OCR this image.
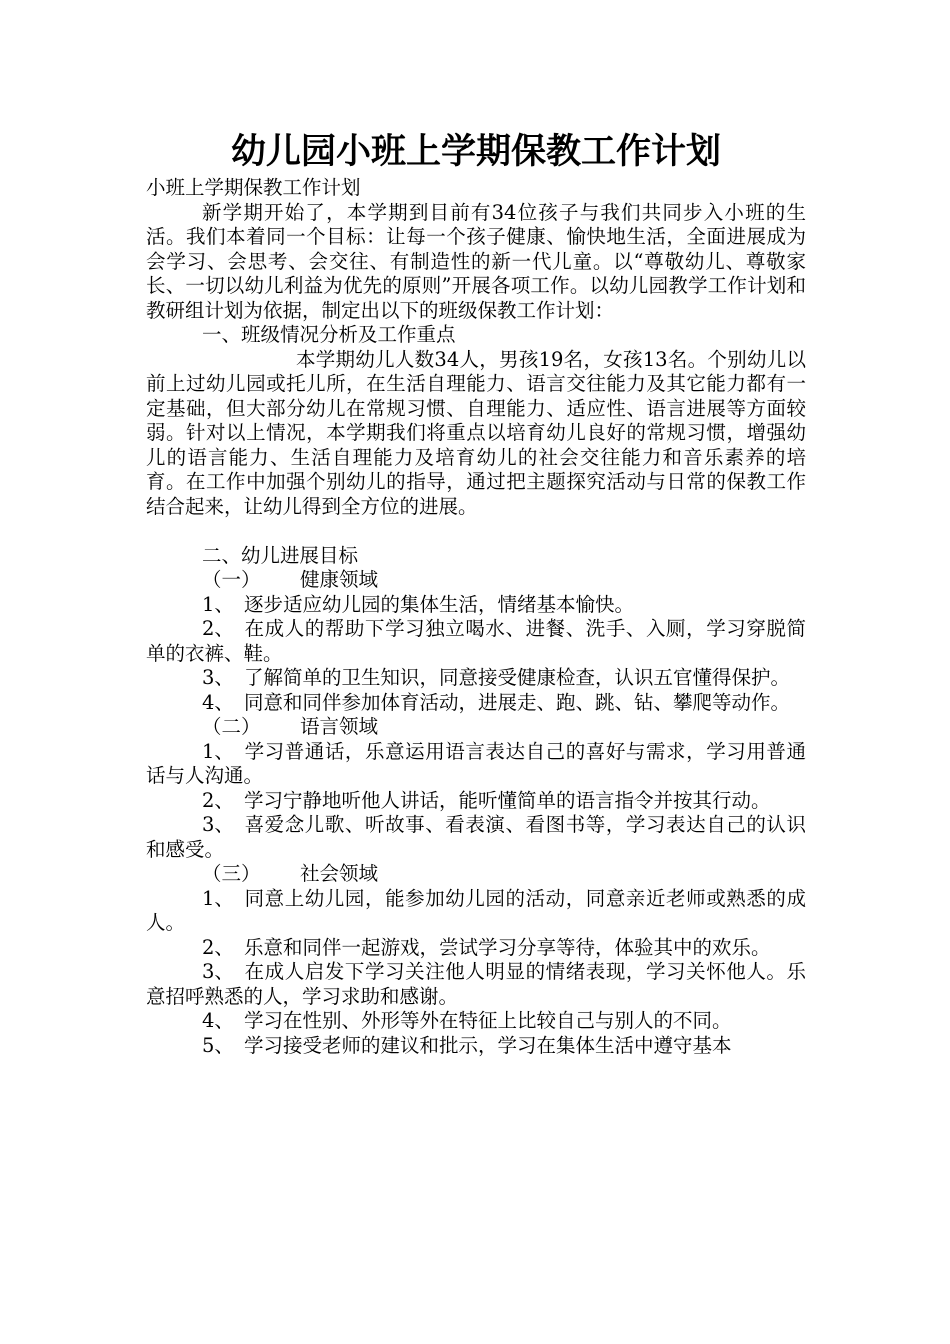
幼儿园小班上学期保教工作计划

小班上学期保教工作计划

新学期开始了，本学期到目前有34位孩子与我们共同步入小班的生活。我们本着同一个目标：让每一个孩子健康、愉快地生活，全面进展成为会学习、会思考、会交往、有制造性的新一代儿童。以“尊敬幼儿、尊敬家长、一切以幼儿利益为优先的原则”开展各项工作。以幼儿园教学工作计划和教研组计划为依据，制定出以下的班级保教工作计划：

一、班级情况分析及工作重点

本学期幼儿人数34人，男孩19名，女孩13名。个别幼儿以前上过幼儿园或托儿所，在生活自理能力、语言交往能力及其它能力都有一定基础，但大部分幼儿在常规习惯、自理能力、适应性、语言进展等方面较弱。针对以上情况，本学期我们将重点以培育幼儿良好的常规习惯，增强幼儿的语言能力、生活自理能力及培育幼儿的社会交往能力和音乐素养的培育。在工作中加强个别幼儿的指导，通过把主题探究活动与日常的保教工作结合起来，让幼儿得到全方位的进展。

二、幼儿进展目标

（一） 健康领域

1、 逐步适应幼儿园的集体生活，情绪基本愉快。

2、 在成人的帮助下学习独立喝水、进餐、洗手、入厕，学习穿脱简单的衣裤、鞋。

3、 了解简单的卫生知识，同意接受健康检查，认识五官懂得保护。

4、 同意和同伴参加体育活动，进展走、跑、跳、钻、攀爬等动作。

（二） 语言领域

1、 学习普通话，乐意运用语言表达自己的喜好与需求，学习用普通话与人沟通。

2、 学习宁静地听他人讲话，能听懂简单的语言指令并按其行动。

3、 喜爱念儿歌、听故事、看表演、看图书等，学习表达自己的认识和感受。

（三） 社会领域

1、 同意上幼儿园，能参加幼儿园的活动，同意亲近老师或熟悉的成人。

2、 乐意和同伴一起游戏，尝试学习分享等待，体验其中的欢乐。

3、 在成人启发下学习关注他人明显的情绪表现，学习关怀他人。乐意招呼熟悉的人，学习求助和感谢。

4、 学习在性别、外形等外在特征上比较自己与别人的不同。

5、 学习接受老师的建议和批示，学习在集体生活中遵守基本
